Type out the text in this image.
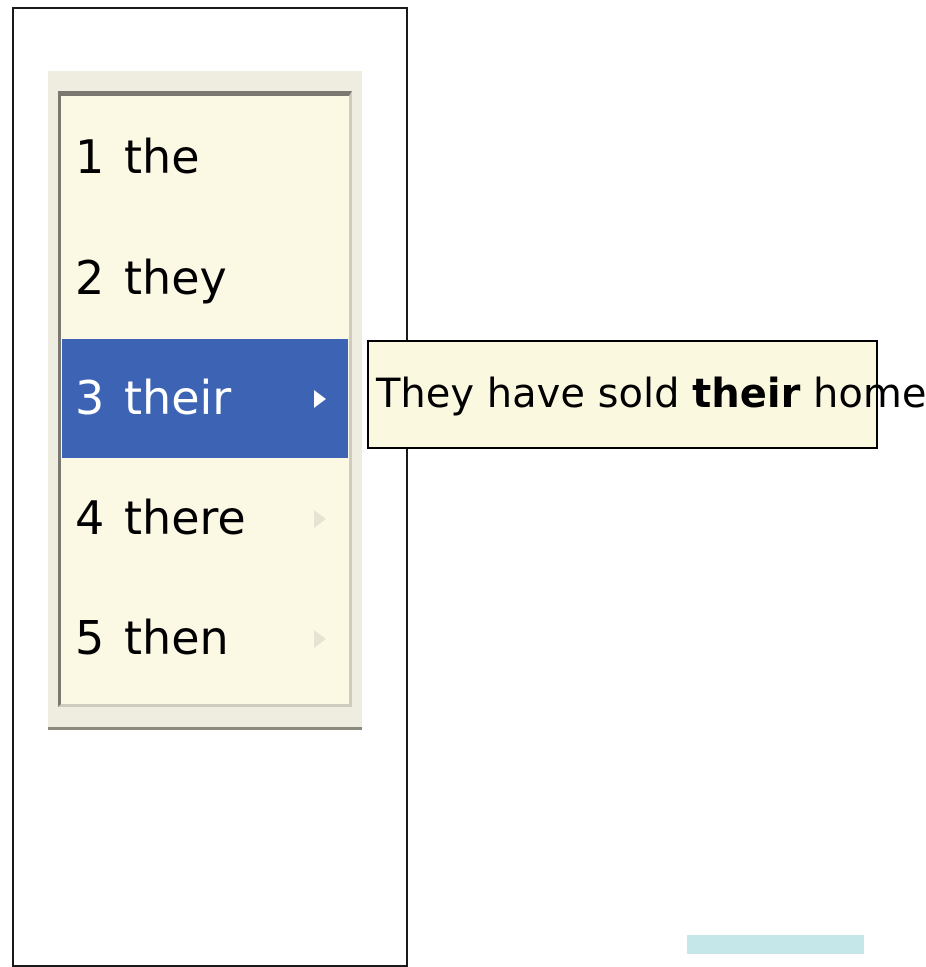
1 the
2 they
3 their
4 there
5 then
They have sold their home
